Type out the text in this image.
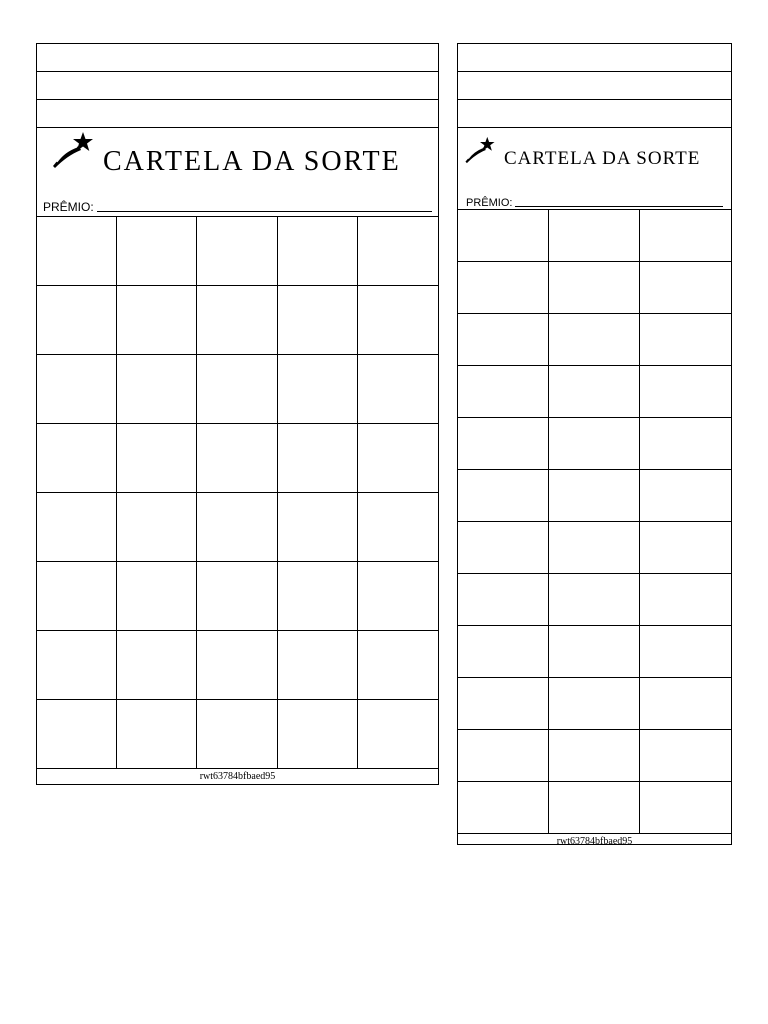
CARTELA DA SORTE
PRÊMIO:
rwt63784bfbaed95
CARTELA DA SORTE
PRÊMIO:
rwt63784bfbaed95
